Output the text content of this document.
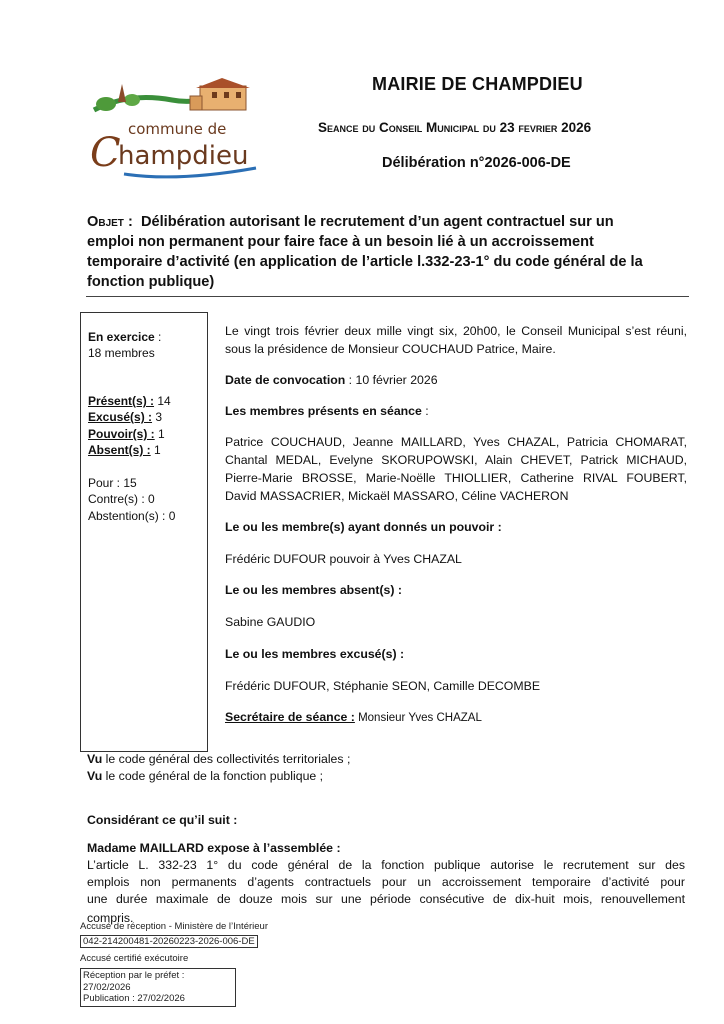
commune de
C
hampdieu
MAIRIE DE CHAMPDIEU
Seance du Conseil Municipal du 23 fevrier 2026
Délibération n°2026-006-DE
Objet : Délibération autorisant le recrutement d’un agent contractuel sur un emploi non permanent pour faire face à un besoin lié à un accroissement temporaire d’activité (en application de l’article l.332-23-1° du code général de la fonction publique)
En exercice :
18 membres
Présent(s) : 14
Excusé(s) : 3
Pouvoir(s) : 1
Absent(s) : 1
Pour : 15
Contre(s) : 0
Abstention(s) : 0
Le vingt trois février deux mille vingt six, 20h00, le Conseil Municipal s’est réuni,
sous la présidence de Monsieur COUCHAUD Patrice, Maire.
Date de convocation : 10 février 2026
Les membres présents en séance :
Patrice COUCHAUD, Jeanne MAILLARD, Yves CHAZAL, Patricia CHOMARAT,
Chantal MEDAL, Evelyne SKORUPOWSKI, Alain CHEVET, Patrick MICHAUD,
Pierre-Marie BROSSE, Marie-Noëlle THIOLLIER, Catherine RIVAL FOUBERT,
David MASSACRIER, Mickaël MASSARO, Céline VACHERON
Le ou les membre(s) ayant donnés un pouvoir :
Frédéric DUFOUR pouvoir à Yves CHAZAL
Le ou les membres absent(s) :
Sabine GAUDIO
Le ou les membres excusé(s) :
Frédéric DUFOUR, Stéphanie SEON, Camille DECOMBE
Secrétaire de séance : Monsieur Yves CHAZAL
Vu le code général des collectivités territoriales ;
Vu le code général de la fonction publique ;
Considérant ce qu’il suit :
Madame MAILLARD expose à l’assemblée :
L’article L. 332-23 1° du code général de la fonction publique autorise le recrutement sur des
emplois non permanents d’agents contractuels pour un accroissement temporaire d’activité pour
une durée maximale de douze mois sur une période consécutive de dix-huit mois, renouvellement
compris.
Accusé de réception - Ministère de l’Intérieur
042-214200481-20260223-2026-006-DE
Accusé certifié exécutoire
Réception par le préfet : 27/02/2026
Publication : 27/02/2026
